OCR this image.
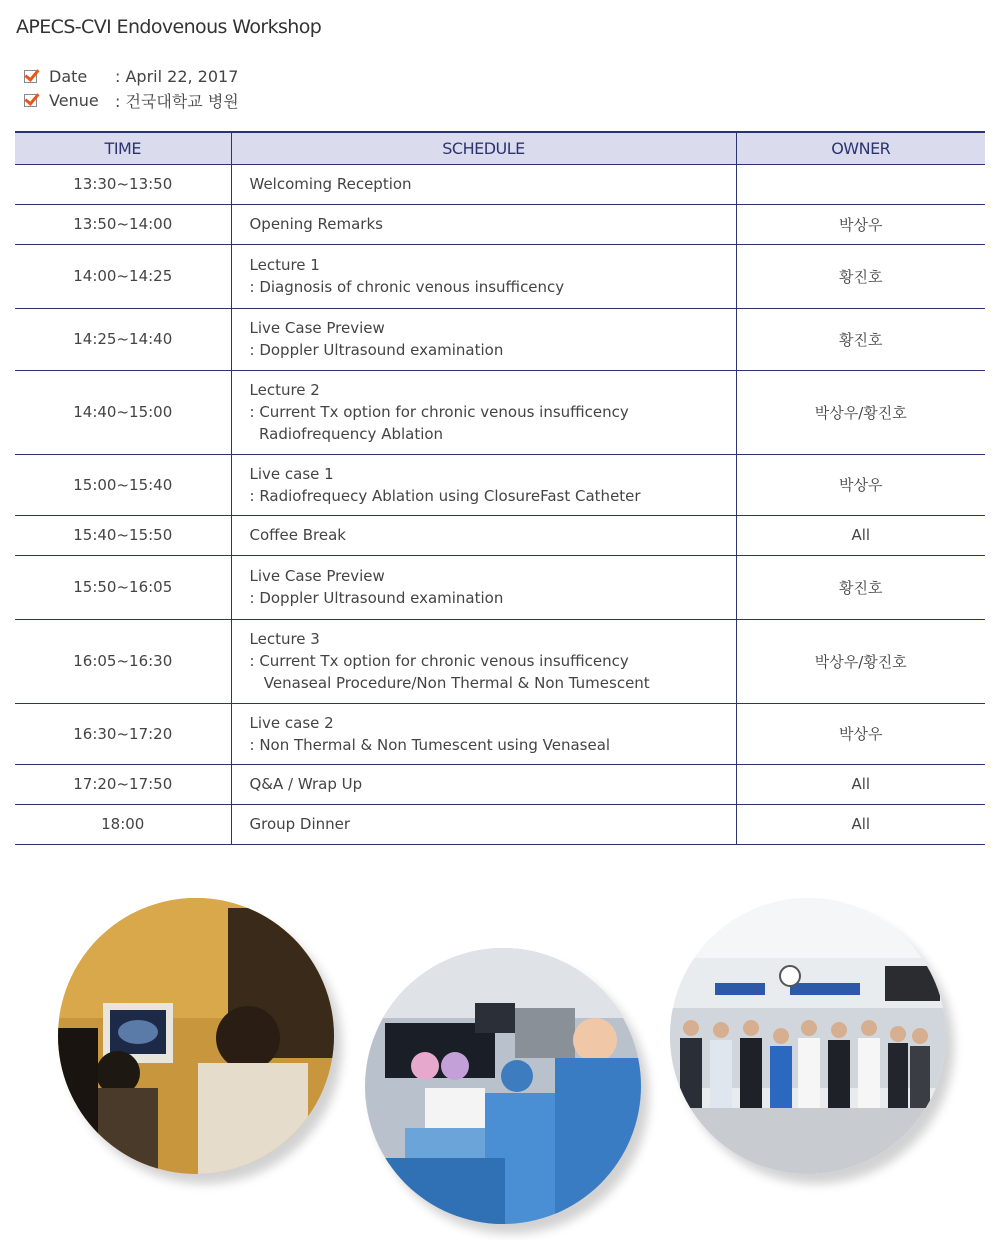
APECS-CVI Endovenous Workshop
Date	: April 22, 2017
Venue	: 건국대학교 병원
TIME	SCHEDULE	OWNER
13:30~13:50	Welcoming Reception	

13:50~14:00	Opening Remarks	박상우
14:00~14:25	Lecture 1
: Diagnosis of chronic venous insufficency	황진호
14:25~14:40	Live Case Preview
: Doppler Ultrasound examination	황진호
14:40~15:00	Lecture 2
: Current Tx option for chronic venous insufficency
Radiofrequency Ablation	박상우/황진호
15:00~15:40	Live case 1
: Radiofrequecy Ablation using ClosureFast Catheter	박상우
15:40~15:50	Coffee Break	All
15:50~16:05	Live Case Preview
: Doppler Ultrasound examination	황진호
16:05~16:30	Lecture 3
: Current Tx option for chronic venous insufficency
Venaseal Procedure/Non Thermal & Non Tumescent	박상우/황진호
16:30~17:20	Live case 2
: Non Thermal & Non Tumescent using Venaseal	박상우
17:20~17:50	Q&A / Wrap Up	All
18:00	Group Dinner	All
